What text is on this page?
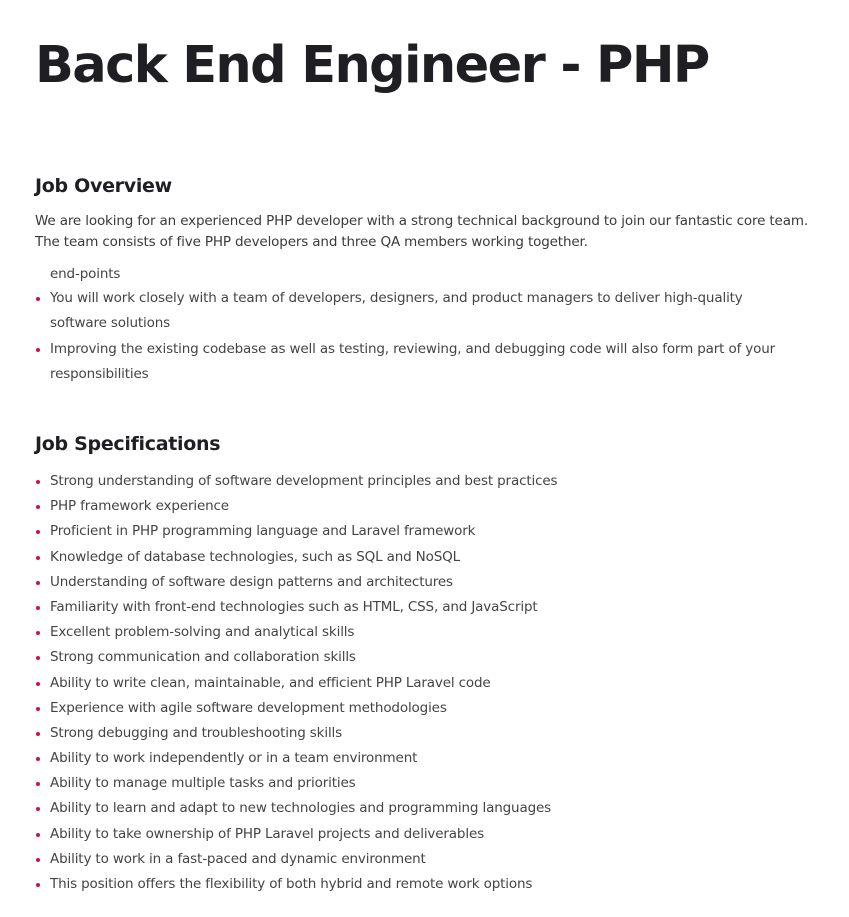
Back End Engineer - PHP
Job Overview

We are looking for an experienced PHP developer with a strong technical background to join our fantastic core team. The team consists of five PHP developers and three QA members working together.

end-points
You will work closely with a team of developers, designers, and product managers to deliver high-quality software solutions
Improving the existing codebase as well as testing, reviewing, and debugging code will also form part of your responsibilities
Job Specifications
Strong understanding of software development principles and best practices
PHP framework experience
Proficient in PHP programming language and Laravel framework
Knowledge of database technologies, such as SQL and NoSQL
Understanding of software design patterns and architectures
Familiarity with front-end technologies such as HTML, CSS, and JavaScript
Excellent problem-solving and analytical skills
Strong communication and collaboration skills
Ability to write clean, maintainable, and efficient PHP Laravel code
Experience with agile software development methodologies
Strong debugging and troubleshooting skills
Ability to work independently or in a team environment
Ability to manage multiple tasks and priorities
Ability to learn and adapt to new technologies and programming languages
Ability to take ownership of PHP Laravel projects and deliverables
Ability to work in a fast-paced and dynamic environment
This position offers the flexibility of both hybrid and remote work options
